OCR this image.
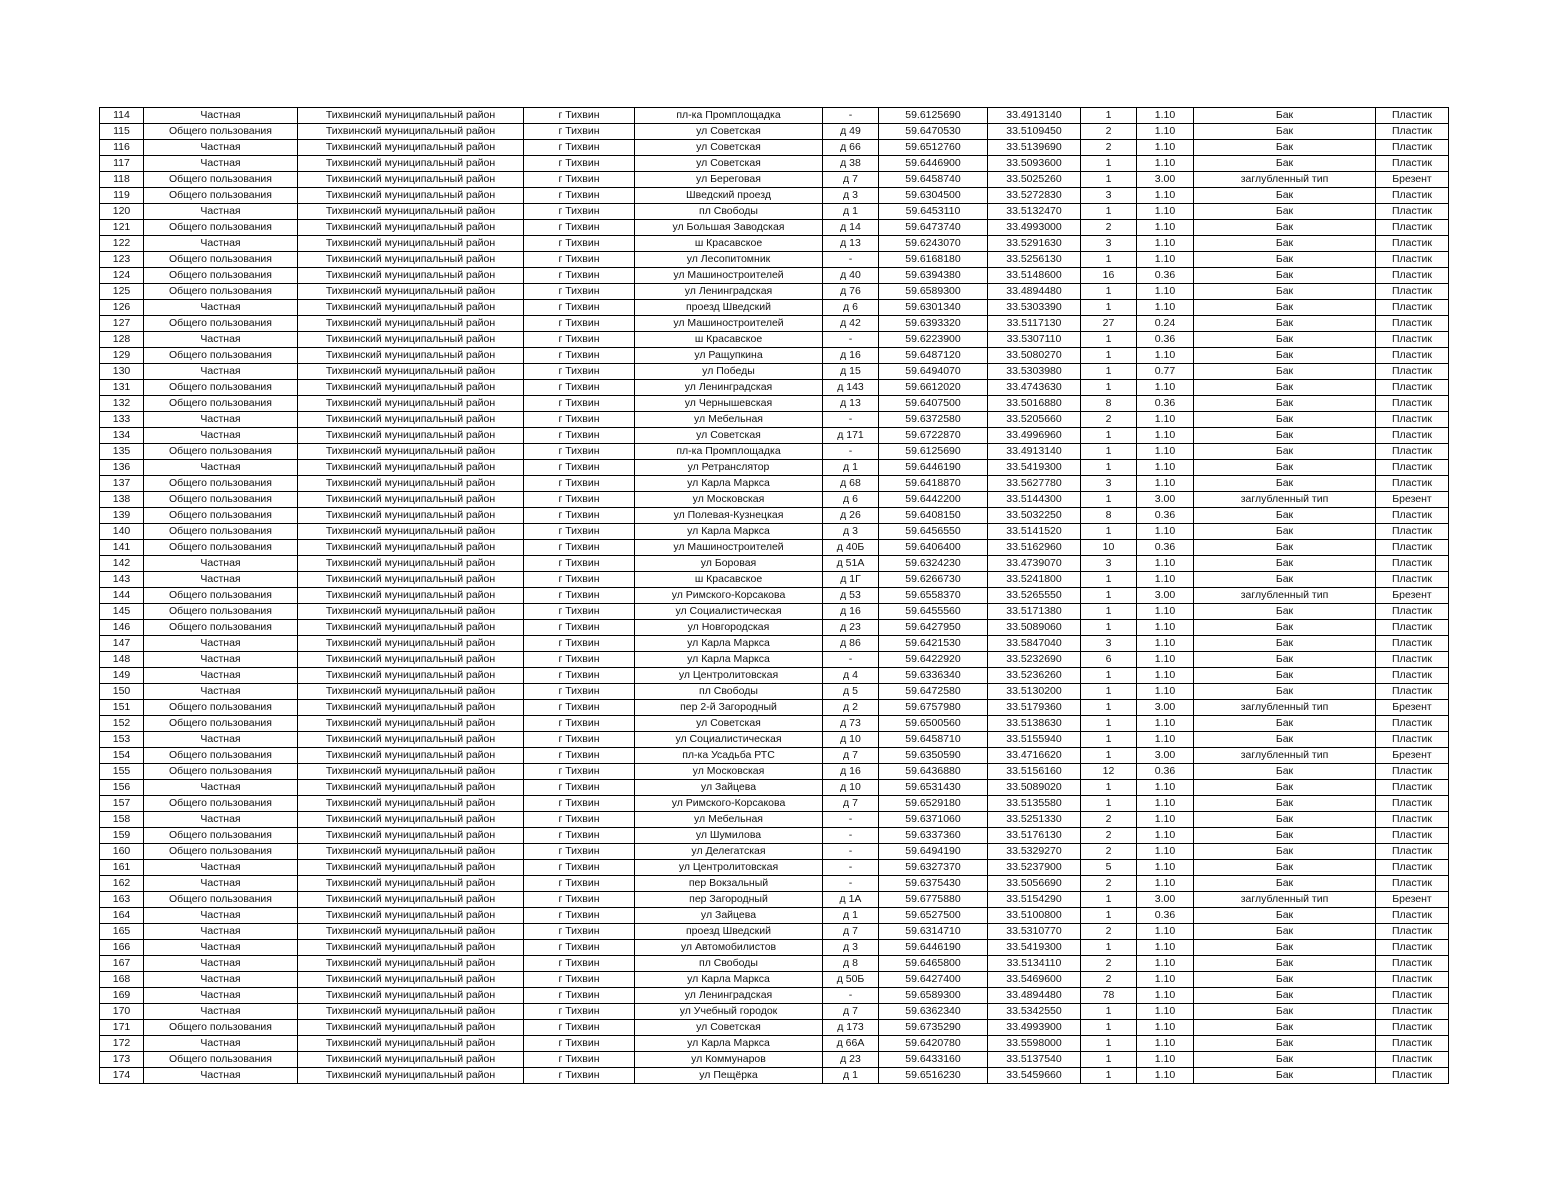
114	Частная	Тихвинский муниципальный район	г Тихвин	пл-ка Промплощадка	-	59.6125690	33.4913140	1	1.10	Бак	Пластик
115	Общего пользования	Тихвинский муниципальный район	г Тихвин	ул Советская	д 49	59.6470530	33.5109450	2	1.10	Бак	Пластик
116	Частная	Тихвинский муниципальный район	г Тихвин	ул Советская	д 66	59.6512760	33.5139690	2	1.10	Бак	Пластик
117	Частная	Тихвинский муниципальный район	г Тихвин	ул Советская	д 38	59.6446900	33.5093600	1	1.10	Бак	Пластик
118	Общего пользования	Тихвинский муниципальный район	г Тихвин	ул Береговая	д 7	59.6458740	33.5025260	1	3.00	заглубленный тип	Брезент
119	Общего пользования	Тихвинский муниципальный район	г Тихвин	Шведский проезд	д 3	59.6304500	33.5272830	3	1.10	Бак	Пластик
120	Частная	Тихвинский муниципальный район	г Тихвин	пл Свободы	д 1	59.6453110	33.5132470	1	1.10	Бак	Пластик
121	Общего пользования	Тихвинский муниципальный район	г Тихвин	ул Большая Заводская	д 14	59.6473740	33.4993000	2	1.10	Бак	Пластик
122	Частная	Тихвинский муниципальный район	г Тихвин	ш Красавское	д 13	59.6243070	33.5291630	3	1.10	Бак	Пластик
123	Общего пользования	Тихвинский муниципальный район	г Тихвин	ул Лесопитомник	-	59.6168180	33.5256130	1	1.10	Бак	Пластик
124	Общего пользования	Тихвинский муниципальный район	г Тихвин	ул Машиностроителей	д 40	59.6394380	33.5148600	16	0.36	Бак	Пластик
125	Общего пользования	Тихвинский муниципальный район	г Тихвин	ул Ленинградская	д 76	59.6589300	33.4894480	1	1.10	Бак	Пластик
126	Частная	Тихвинский муниципальный район	г Тихвин	проезд Шведский	д 6	59.6301340	33.5303390	1	1.10	Бак	Пластик
127	Общего пользования	Тихвинский муниципальный район	г Тихвин	ул Машиностроителей	д 42	59.6393320	33.5117130	27	0.24	Бак	Пластик
128	Частная	Тихвинский муниципальный район	г Тихвин	ш Красавское	-	59.6223900	33.5307110	1	0.36	Бак	Пластик
129	Общего пользования	Тихвинский муниципальный район	г Тихвин	ул Ращупкина	д 16	59.6487120	33.5080270	1	1.10	Бак	Пластик
130	Частная	Тихвинский муниципальный район	г Тихвин	ул Победы	д 15	59.6494070	33.5303980	1	0.77	Бак	Пластик
131	Общего пользования	Тихвинский муниципальный район	г Тихвин	ул Ленинградская	д 143	59.6612020	33.4743630	1	1.10	Бак	Пластик
132	Общего пользования	Тихвинский муниципальный район	г Тихвин	ул Чернышевская	д 13	59.6407500	33.5016880	8	0.36	Бак	Пластик
133	Частная	Тихвинский муниципальный район	г Тихвин	ул Мебельная	-	59.6372580	33.5205660	2	1.10	Бак	Пластик
134	Частная	Тихвинский муниципальный район	г Тихвин	ул Советская	д 171	59.6722870	33.4996960	1	1.10	Бак	Пластик
135	Общего пользования	Тихвинский муниципальный район	г Тихвин	пл-ка Промплощадка	-	59.6125690	33.4913140	1	1.10	Бак	Пластик
136	Частная	Тихвинский муниципальный район	г Тихвин	ул Ретранслятор	д 1	59.6446190	33.5419300	1	1.10	Бак	Пластик
137	Общего пользования	Тихвинский муниципальный район	г Тихвин	ул Карла Маркса	д 68	59.6418870	33.5627780	3	1.10	Бак	Пластик
138	Общего пользования	Тихвинский муниципальный район	г Тихвин	ул Московская	д 6	59.6442200	33.5144300	1	3.00	заглубленный тип	Брезент
139	Общего пользования	Тихвинский муниципальный район	г Тихвин	ул Полевая-Кузнецкая	д 26	59.6408150	33.5032250	8	0.36	Бак	Пластик
140	Общего пользования	Тихвинский муниципальный район	г Тихвин	ул Карла Маркса	д 3	59.6456550	33.5141520	1	1.10	Бак	Пластик
141	Общего пользования	Тихвинский муниципальный район	г Тихвин	ул Машиностроителей	д 40Б	59.6406400	33.5162960	10	0.36	Бак	Пластик
142	Частная	Тихвинский муниципальный район	г Тихвин	ул Боровая	д 51А	59.6324230	33.4739070	3	1.10	Бак	Пластик
143	Частная	Тихвинский муниципальный район	г Тихвин	ш Красавское	д 1Г	59.6266730	33.5241800	1	1.10	Бак	Пластик
144	Общего пользования	Тихвинский муниципальный район	г Тихвин	ул Римского-Корсакова	д 53	59.6558370	33.5265550	1	3.00	заглубленный тип	Брезент
145	Общего пользования	Тихвинский муниципальный район	г Тихвин	ул Социалистическая	д 16	59.6455560	33.5171380	1	1.10	Бак	Пластик
146	Общего пользования	Тихвинский муниципальный район	г Тихвин	ул Новгородская	д 23	59.6427950	33.5089060	1	1.10	Бак	Пластик
147	Частная	Тихвинский муниципальный район	г Тихвин	ул Карла Маркса	д 86	59.6421530	33.5847040	3	1.10	Бак	Пластик
148	Частная	Тихвинский муниципальный район	г Тихвин	ул Карла Маркса	-	59.6422920	33.5232690	6	1.10	Бак	Пластик
149	Частная	Тихвинский муниципальный район	г Тихвин	ул Центролитовская	д 4	59.6336340	33.5236260	1	1.10	Бак	Пластик
150	Частная	Тихвинский муниципальный район	г Тихвин	пл Свободы	д 5	59.6472580	33.5130200	1	1.10	Бак	Пластик
151	Общего пользования	Тихвинский муниципальный район	г Тихвин	пер 2-й Загородный	д 2	59.6757980	33.5179360	1	3.00	заглубленный тип	Брезент
152	Общего пользования	Тихвинский муниципальный район	г Тихвин	ул Советская	д 73	59.6500560	33.5138630	1	1.10	Бак	Пластик
153	Частная	Тихвинский муниципальный район	г Тихвин	ул Социалистическая	д 10	59.6458710	33.5155940	1	1.10	Бак	Пластик
154	Общего пользования	Тихвинский муниципальный район	г Тихвин	пл-ка Усадьба РТС	д 7	59.6350590	33.4716620	1	3.00	заглубленный тип	Брезент
155	Общего пользования	Тихвинский муниципальный район	г Тихвин	ул Московская	д 16	59.6436880	33.5156160	12	0.36	Бак	Пластик
156	Частная	Тихвинский муниципальный район	г Тихвин	ул Зайцева	д 10	59.6531430	33.5089020	1	1.10	Бак	Пластик
157	Общего пользования	Тихвинский муниципальный район	г Тихвин	ул Римского-Корсакова	д 7	59.6529180	33.5135580	1	1.10	Бак	Пластик
158	Частная	Тихвинский муниципальный район	г Тихвин	ул Мебельная	-	59.6371060	33.5251330	2	1.10	Бак	Пластик
159	Общего пользования	Тихвинский муниципальный район	г Тихвин	ул Шумилова	-	59.6337360	33.5176130	2	1.10	Бак	Пластик
160	Общего пользования	Тихвинский муниципальный район	г Тихвин	ул Делегатская	-	59.6494190	33.5329270	2	1.10	Бак	Пластик
161	Частная	Тихвинский муниципальный район	г Тихвин	ул Центролитовская	-	59.6327370	33.5237900	5	1.10	Бак	Пластик
162	Частная	Тихвинский муниципальный район	г Тихвин	пер Вокзальный	-	59.6375430	33.5056690	2	1.10	Бак	Пластик
163	Общего пользования	Тихвинский муниципальный район	г Тихвин	пер Загородный	д 1А	59.6775880	33.5154290	1	3.00	заглубленный тип	Брезент
164	Частная	Тихвинский муниципальный район	г Тихвин	ул Зайцева	д 1	59.6527500	33.5100800	1	0.36	Бак	Пластик
165	Частная	Тихвинский муниципальный район	г Тихвин	проезд Шведский	д 7	59.6314710	33.5310770	2	1.10	Бак	Пластик
166	Частная	Тихвинский муниципальный район	г Тихвин	ул Автомобилистов	д 3	59.6446190	33.5419300	1	1.10	Бак	Пластик
167	Частная	Тихвинский муниципальный район	г Тихвин	пл Свободы	д 8	59.6465800	33.5134110	2	1.10	Бак	Пластик
168	Частная	Тихвинский муниципальный район	г Тихвин	ул Карла Маркса	д 50Б	59.6427400	33.5469600	2	1.10	Бак	Пластик
169	Частная	Тихвинский муниципальный район	г Тихвин	ул Ленинградская	-	59.6589300	33.4894480	78	1.10	Бак	Пластик
170	Частная	Тихвинский муниципальный район	г Тихвин	ул Учебный городок	д 7	59.6362340	33.5342550	1	1.10	Бак	Пластик
171	Общего пользования	Тихвинский муниципальный район	г Тихвин	ул Советская	д 173	59.6735290	33.4993900	1	1.10	Бак	Пластик
172	Частная	Тихвинский муниципальный район	г Тихвин	ул Карла Маркса	д 66А	59.6420780	33.5598000	1	1.10	Бак	Пластик
173	Общего пользования	Тихвинский муниципальный район	г Тихвин	ул Коммунаров	д 23	59.6433160	33.5137540	1	1.10	Бак	Пластик
174	Частная	Тихвинский муниципальный район	г Тихвин	ул Пещёрка	д 1	59.6516230	33.5459660	1	1.10	Бак	Пластик
